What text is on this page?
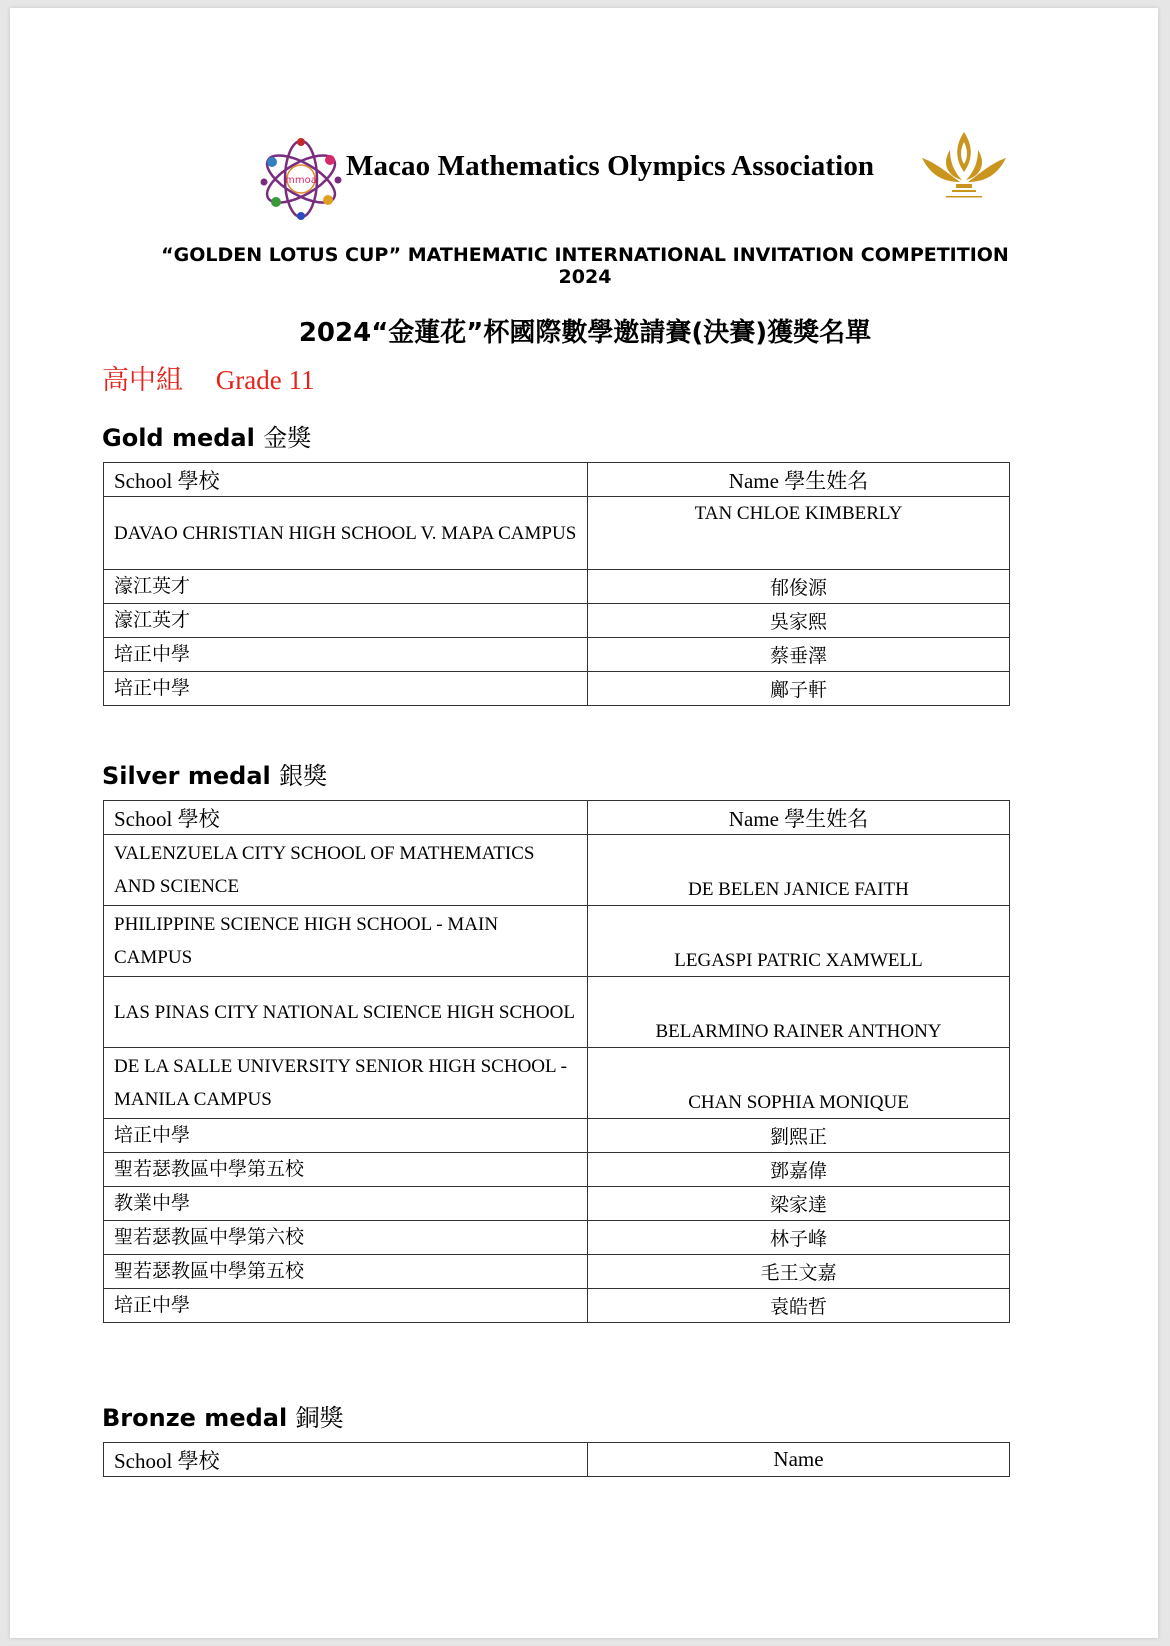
mmoa Macao Mathematics Olympics Association
“GOLDEN LOTUS CUP” MATHEMATIC INTERNATIONAL INVITATION COMPETITION
2024
2024“金蓮花”杯國際數學邀請賽(決賽)獲獎名單
高中組 Grade 11
Gold medal 金獎
School 學校	Name 學生姓名
DAVAO CHRISTIAN HIGH SCHOOL V. MAPA CAMPUS	TAN CHLOE KIMBERLY
濠江英才	郁俊源
濠江英才	吳家熙
培正中學	蔡垂澤
培正中學	鄺子軒
Silver medal 銀獎
School 學校	Name 學生姓名
VALENZUELA CITY SCHOOL OF MATHEMATICS AND SCIENCE	DE BELEN JANICE FAITH
PHILIPPINE SCIENCE HIGH SCHOOL - MAIN CAMPUS	LEGASPI PATRIC XAMWELL
LAS PINAS CITY NATIONAL SCIENCE HIGH SCHOOL	BELARMINO RAINER ANTHONY
DE LA SALLE UNIVERSITY SENIOR HIGH SCHOOL - MANILA CAMPUS	CHAN SOPHIA MONIQUE
培正中學	劉熙正
聖若瑟教區中學第五校	鄧嘉偉
教業中學	梁家達
聖若瑟教區中學第六校	林子峰
聖若瑟教區中學第五校	毛王文嘉
培正中學	袁皓哲
Bronze medal 銅獎
School 學校	Name
